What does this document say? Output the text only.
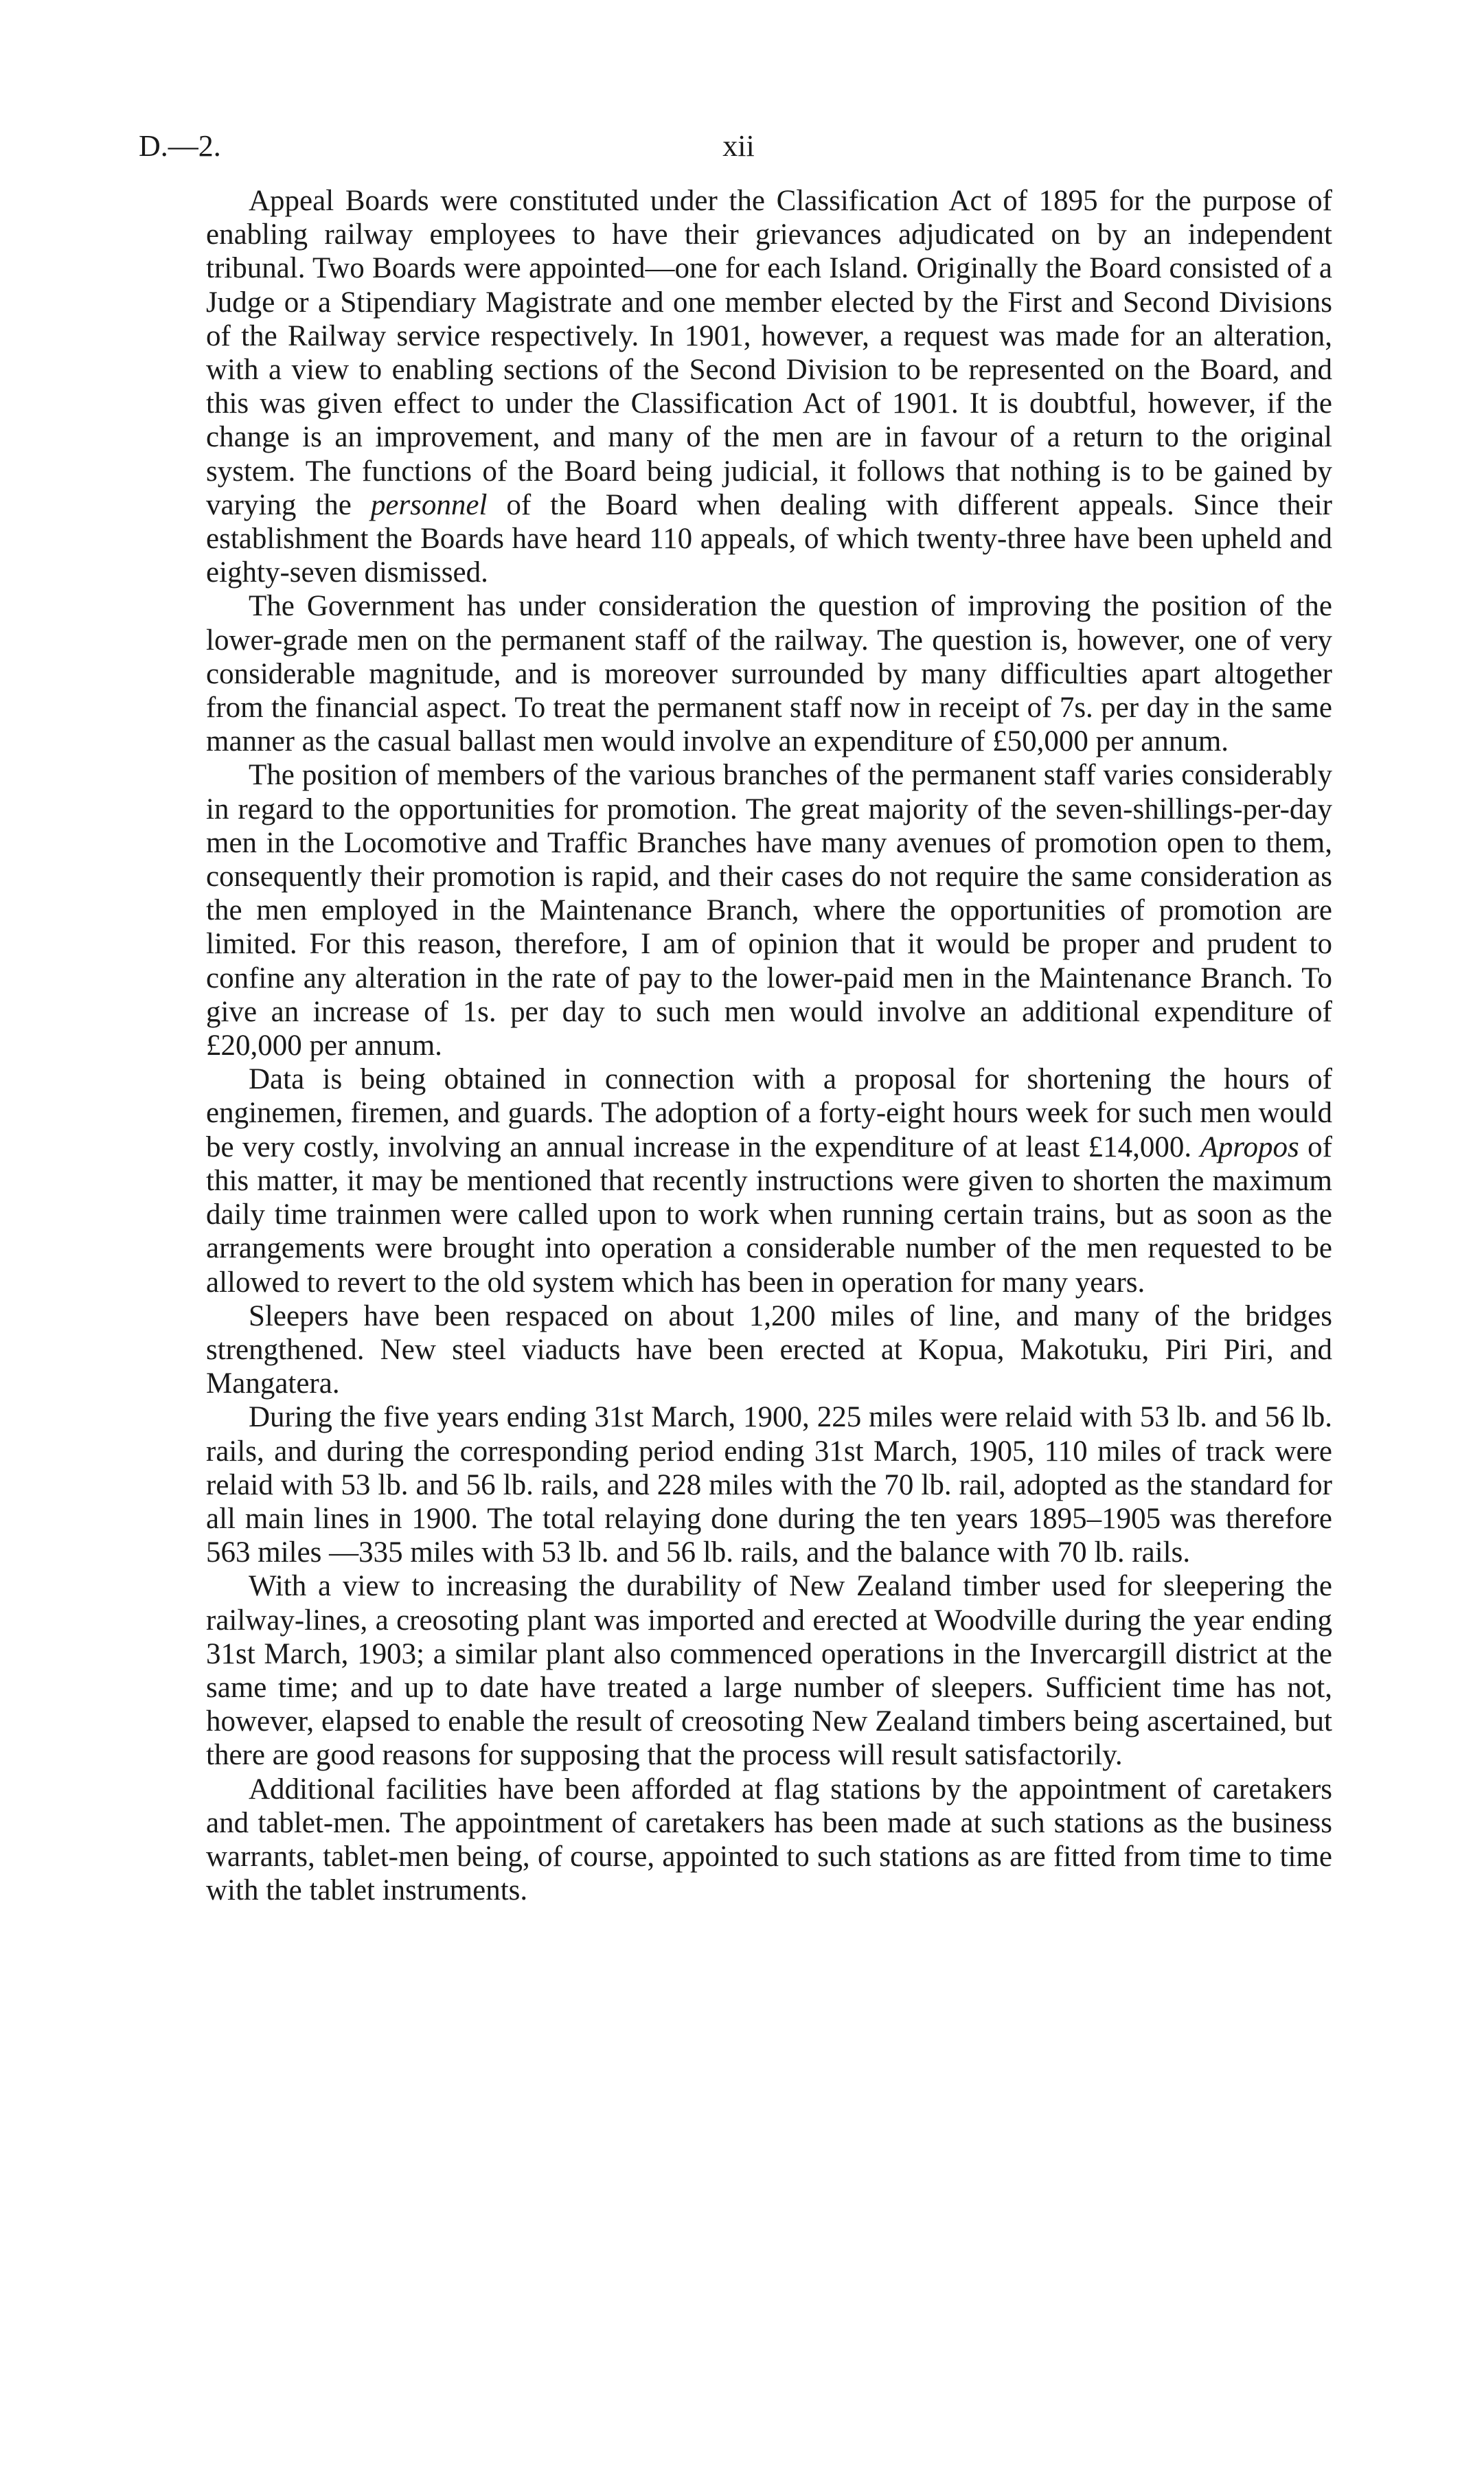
D.—2.	xii

Appeal Boards were constituted under the Classification Act of 1895 for the purpose of enabling railway employees to have their grievances adjudicated on by an independent tribunal. Two Boards were appointed—one for each Island. Originally the Board consisted of a Judge or a Stipendiary Magistrate and one member elected by the First and Second Divisions of the Railway service respectively. In 1901, however, a request was made for an alteration, with a view to enabling sections of the Second Division to be represented on the Board, and this was given effect to under the Classification Act of 1901. It is doubtful, however, if the change is an improvement, and many of the men are in favour of a return to the original system. The functions of the Board being judicial, it follows that nothing is to be gained by varying the personnel of the Board when dealing with different appeals. Since their establishment the Boards have heard 110 appeals, of which twenty-three have been upheld and eighty-seven dismissed.

The Government has under consideration the question of improving the position of the lower-grade men on the permanent staff of the railway. The question is, however, one of very considerable magnitude, and is moreover surrounded by many difficulties apart altogether from the financial aspect. To treat the permanent staff now in receipt of 7s. per day in the same manner as the casual ballast men would involve an expenditure of £50,000 per annum.

The position of members of the various branches of the permanent staff varies considerably in regard to the opportunities for promotion. The great majority of the seven-shillings-per-day men in the Locomotive and Traffic Branches have many avenues of promotion open to them, consequently their promotion is rapid, and their cases do not require the same consideration as the men employed in the Maintenance Branch, where the opportunities of promotion are limited. For this reason, therefore, I am of opinion that it would be proper and prudent to confine any alteration in the rate of pay to the lower-paid men in the Maintenance Branch. To give an increase of 1s. per day to such men would involve an additional expenditure of £20,000 per annum.

Data is being obtained in connection with a proposal for shortening the hours of enginemen, firemen, and guards. The adoption of a forty-eight hours week for such men would be very costly, involving an annual increase in the expenditure of at least £14,000. Apropos of this matter, it may be mentioned that recently instructions were given to shorten the maximum daily time trainmen were called upon to work when running certain trains, but as soon as the arrangements were brought into operation a considerable number of the men requested to be allowed to revert to the old system which has been in operation for many years.

Sleepers have been respaced on about 1,200 miles of line, and many of the bridges strengthened. New steel viaducts have been erected at Kopua, Makotuku, Piri Piri, and Mangatera.

During the five years ending 31st March, 1900, 225 miles were relaid with 53 lb. and 56 lb. rails, and during the corresponding period ending 31st March, 1905, 110 miles of track were relaid with 53 lb. and 56 lb. rails, and 228 miles with the 70 lb. rail, adopted as the standard for all main lines in 1900. The total relaying done during the ten years 1895–1905 was therefore 563 miles —335 miles with 53 lb. and 56 lb. rails, and the balance with 70 lb. rails.

With a view to increasing the durability of New Zealand timber used for sleepering the railway-lines, a creosoting plant was imported and erected at Woodville during the year ending 31st March, 1903; a similar plant also commenced operations in the Invercargill district at the same time; and up to date have treated a large number of sleepers. Sufficient time has not, however, elapsed to enable the result of creosoting New Zealand timbers being ascertained, but there are good reasons for supposing that the process will result satisfactorily.

Additional facilities have been afforded at flag stations by the appointment of caretakers and tablet-men. The appointment of caretakers has been made at such stations as the business warrants, tablet-men being, of course, appointed to such stations as are fitted from time to time with the tablet instruments.
